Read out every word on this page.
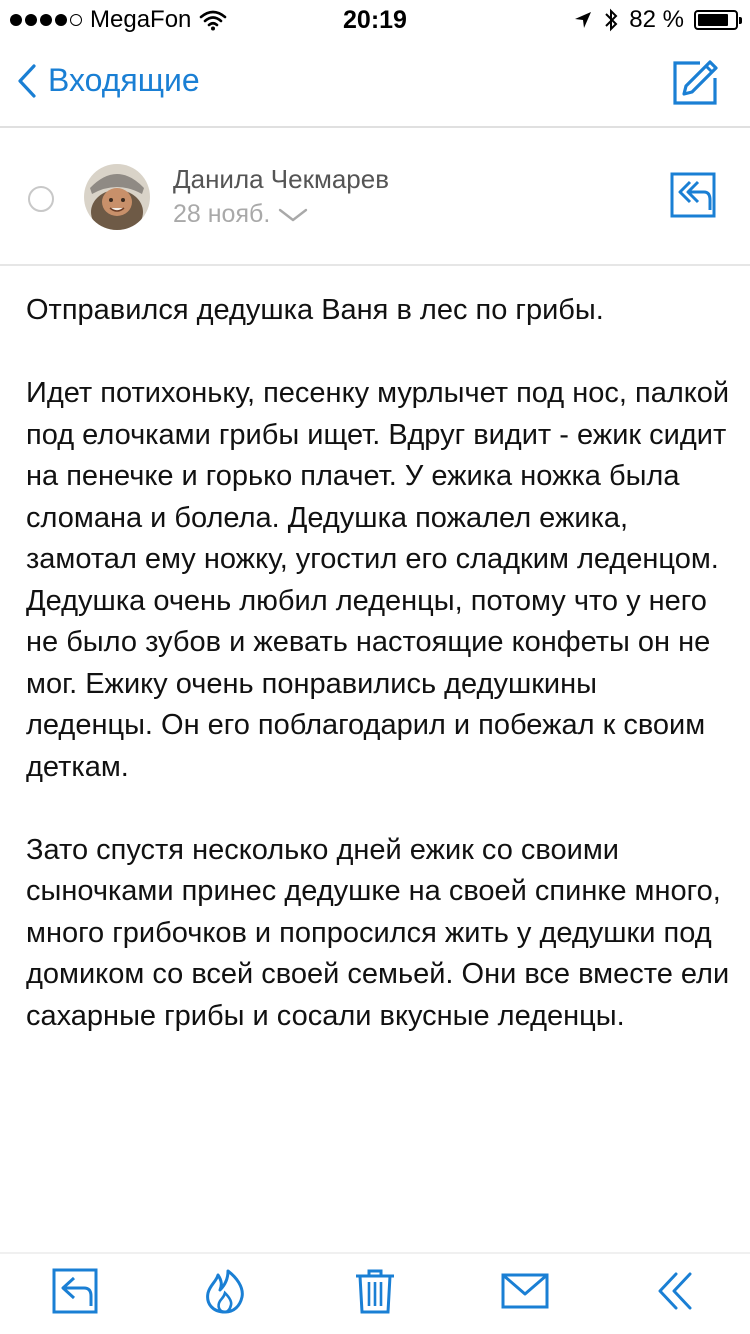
MegaFon	20:19	82 %
Входящие
Данила Чекмарев
28 нояб.

Отправился дедушка Ваня в лес по грибы.

Идет потихоньку, песенку мурлычет под нос, палкой под елочками грибы ищет. Вдруг видит - ежик сидит на пенечке и горько плачет. У ежика ножка была сломана и болела. Дедушка пожалел ежика, замотал ему ножку, угостил его сладким леденцом. Дедушка очень любил леденцы, потому что у него не было зубов и жевать настоящие конфеты он не мог. Ежику очень понравились дедушкины леденцы. Он его поблагодарил и побежал к своим деткам.

Зато спустя несколько дней ежик со своими сыночками принес дедушке на своей спинке много, много грибочков и попросился жить у дедушки под домиком со всей своей семьей. Они все вместе ели сахарные грибы и сосали вкусные леденцы.
